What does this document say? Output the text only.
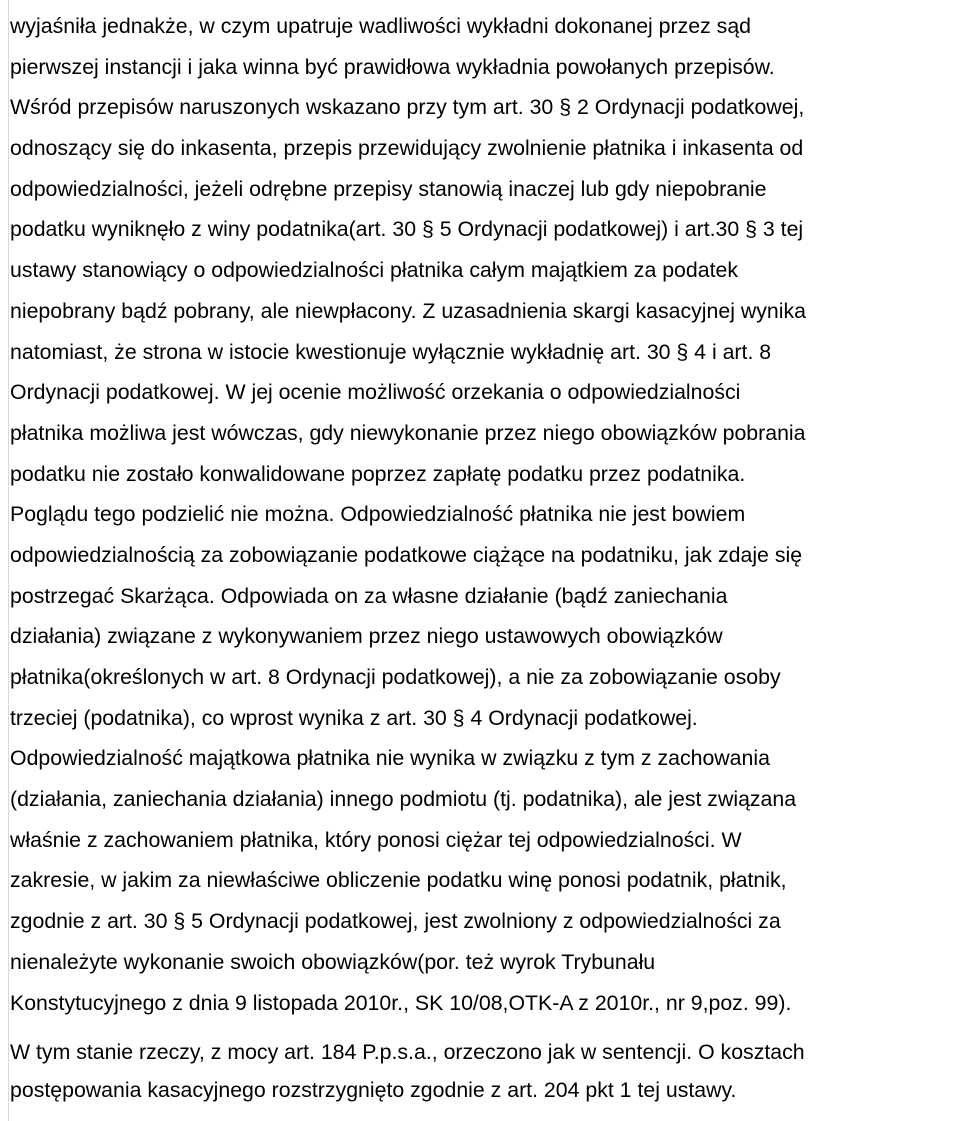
wyjaśniła jednakże, w czym upatruje wadliwości wykładni dokonanej przez sąd
pierwszej instancji i jaka winna być prawidłowa wykładnia powołanych przepisów.
Wśród przepisów naruszonych wskazano przy tym art. 30 § 2 Ordynacji podatkowej,
odnoszący się do inkasenta, przepis przewidujący zwolnienie płatnika i inkasenta od
odpowiedzialności, jeżeli odrębne przepisy stanowią inaczej lub gdy niepobranie
podatku wyniknęło z winy podatnika(art. 30 § 5 Ordynacji podatkowej) i art.30 § 3 tej
ustawy stanowiący o odpowiedzialności płatnika całym majątkiem za podatek
niepobrany bądź pobrany, ale niewpłacony. Z uzasadnienia skargi kasacyjnej wynika
natomiast, że strona w istocie kwestionuje wyłącznie wykładnię art. 30 § 4 i art. 8
Ordynacji podatkowej. W jej ocenie możliwość orzekania o odpowiedzialności
płatnika możliwa jest wówczas, gdy niewykonanie przez niego obowiązków pobrania
podatku nie zostało konwalidowane poprzez zapłatę podatku przez podatnika.
Poglądu tego podzielić nie można. Odpowiedzialność płatnika nie jest bowiem
odpowiedzialnością za zobowiązanie podatkowe ciążące na podatniku, jak zdaje się
postrzegać Skarżąca. Odpowiada on za własne działanie (bądź zaniechania
działania) związane z wykonywaniem przez niego ustawowych obowiązków
płatnika(określonych w art. 8 Ordynacji podatkowej), a nie za zobowiązanie osoby
trzeciej (podatnika), co wprost wynika z art. 30 § 4 Ordynacji podatkowej.
Odpowiedzialność majątkowa płatnika nie wynika w związku z tym z zachowania
(działania, zaniechania działania) innego podmiotu (tj. podatnika), ale jest związana
właśnie z zachowaniem płatnika, który ponosi ciężar tej odpowiedzialności. W
zakresie, w jakim za niewłaściwe obliczenie podatku winę ponosi podatnik, płatnik,
zgodnie z art. 30 § 5 Ordynacji podatkowej, jest zwolniony z odpowiedzialności za
nienależyte wykonanie swoich obowiązków(por. też wyrok Trybunału
Konstytucyjnego z dnia 9 listopada 2010r., SK 10/08,OTK-A z 2010r., nr 9,poz. 99).
W tym stanie rzeczy, z mocy art. 184 P.p.s.a., orzeczono jak w sentencji. O kosztach
postępowania kasacyjnego rozstrzygnięto zgodnie z art. 204 pkt 1 tej ustawy.
